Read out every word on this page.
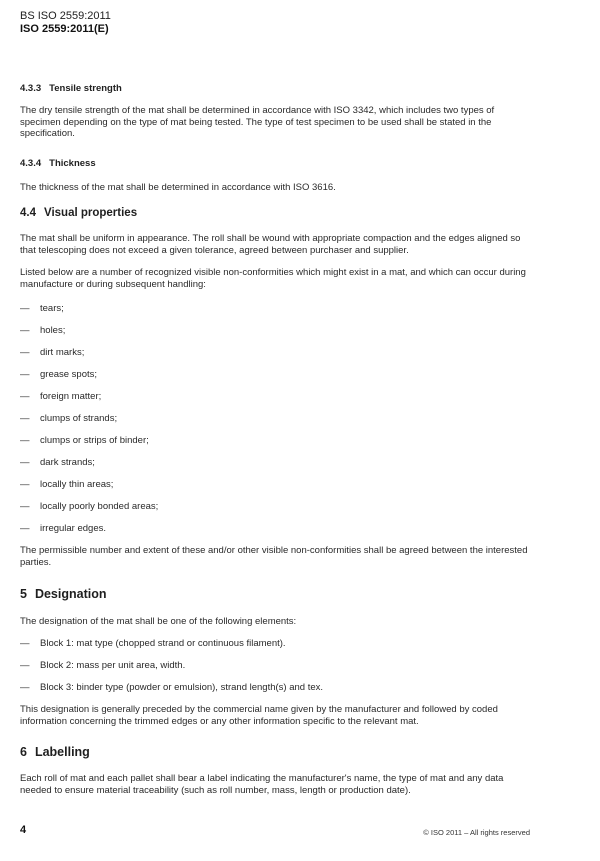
BS ISO 2559:2011
ISO 2559:2011(E)
4.3.3 Tensile strength
The dry tensile strength of the mat shall be determined in accordance with ISO 3342, which includes two types of specimen depending on the type of mat being tested. The type of test specimen to be used shall be stated in the specification.
4.3.4 Thickness
The thickness of the mat shall be determined in accordance with ISO 3616.
4.4 Visual properties
The mat shall be uniform in appearance. The roll shall be wound with appropriate compaction and the edges aligned so that telescoping does not exceed a given tolerance, agreed between purchaser and supplier.
Listed below are a number of recognized visible non-conformities which might exist in a mat, and which can occur during manufacture or during subsequent handling:
— tears;
— holes;
— dirt marks;
— grease spots;
— foreign matter;
— clumps of strands;
— clumps or strips of binder;
— dark strands;
— locally thin areas;
— locally poorly bonded areas;
— irregular edges.
The permissible number and extent of these and/or other visible non-conformities shall be agreed between the interested parties.
5 Designation
The designation of the mat shall be one of the following elements:
— Block 1: mat type (chopped strand or continuous filament).
— Block 2: mass per unit area, width.
— Block 3: binder type (powder or emulsion), strand length(s) and tex.
This designation is generally preceded by the commercial name given by the manufacturer and followed by coded information concerning the trimmed edges or any other information specific to the relevant mat.
6 Labelling
Each roll of mat and each pallet shall bear a label indicating the manufacturer's name, the type of mat and any data needed to ensure material traceability (such as roll number, mass, length or production date).
4	© ISO 2011 – All rights reserved
